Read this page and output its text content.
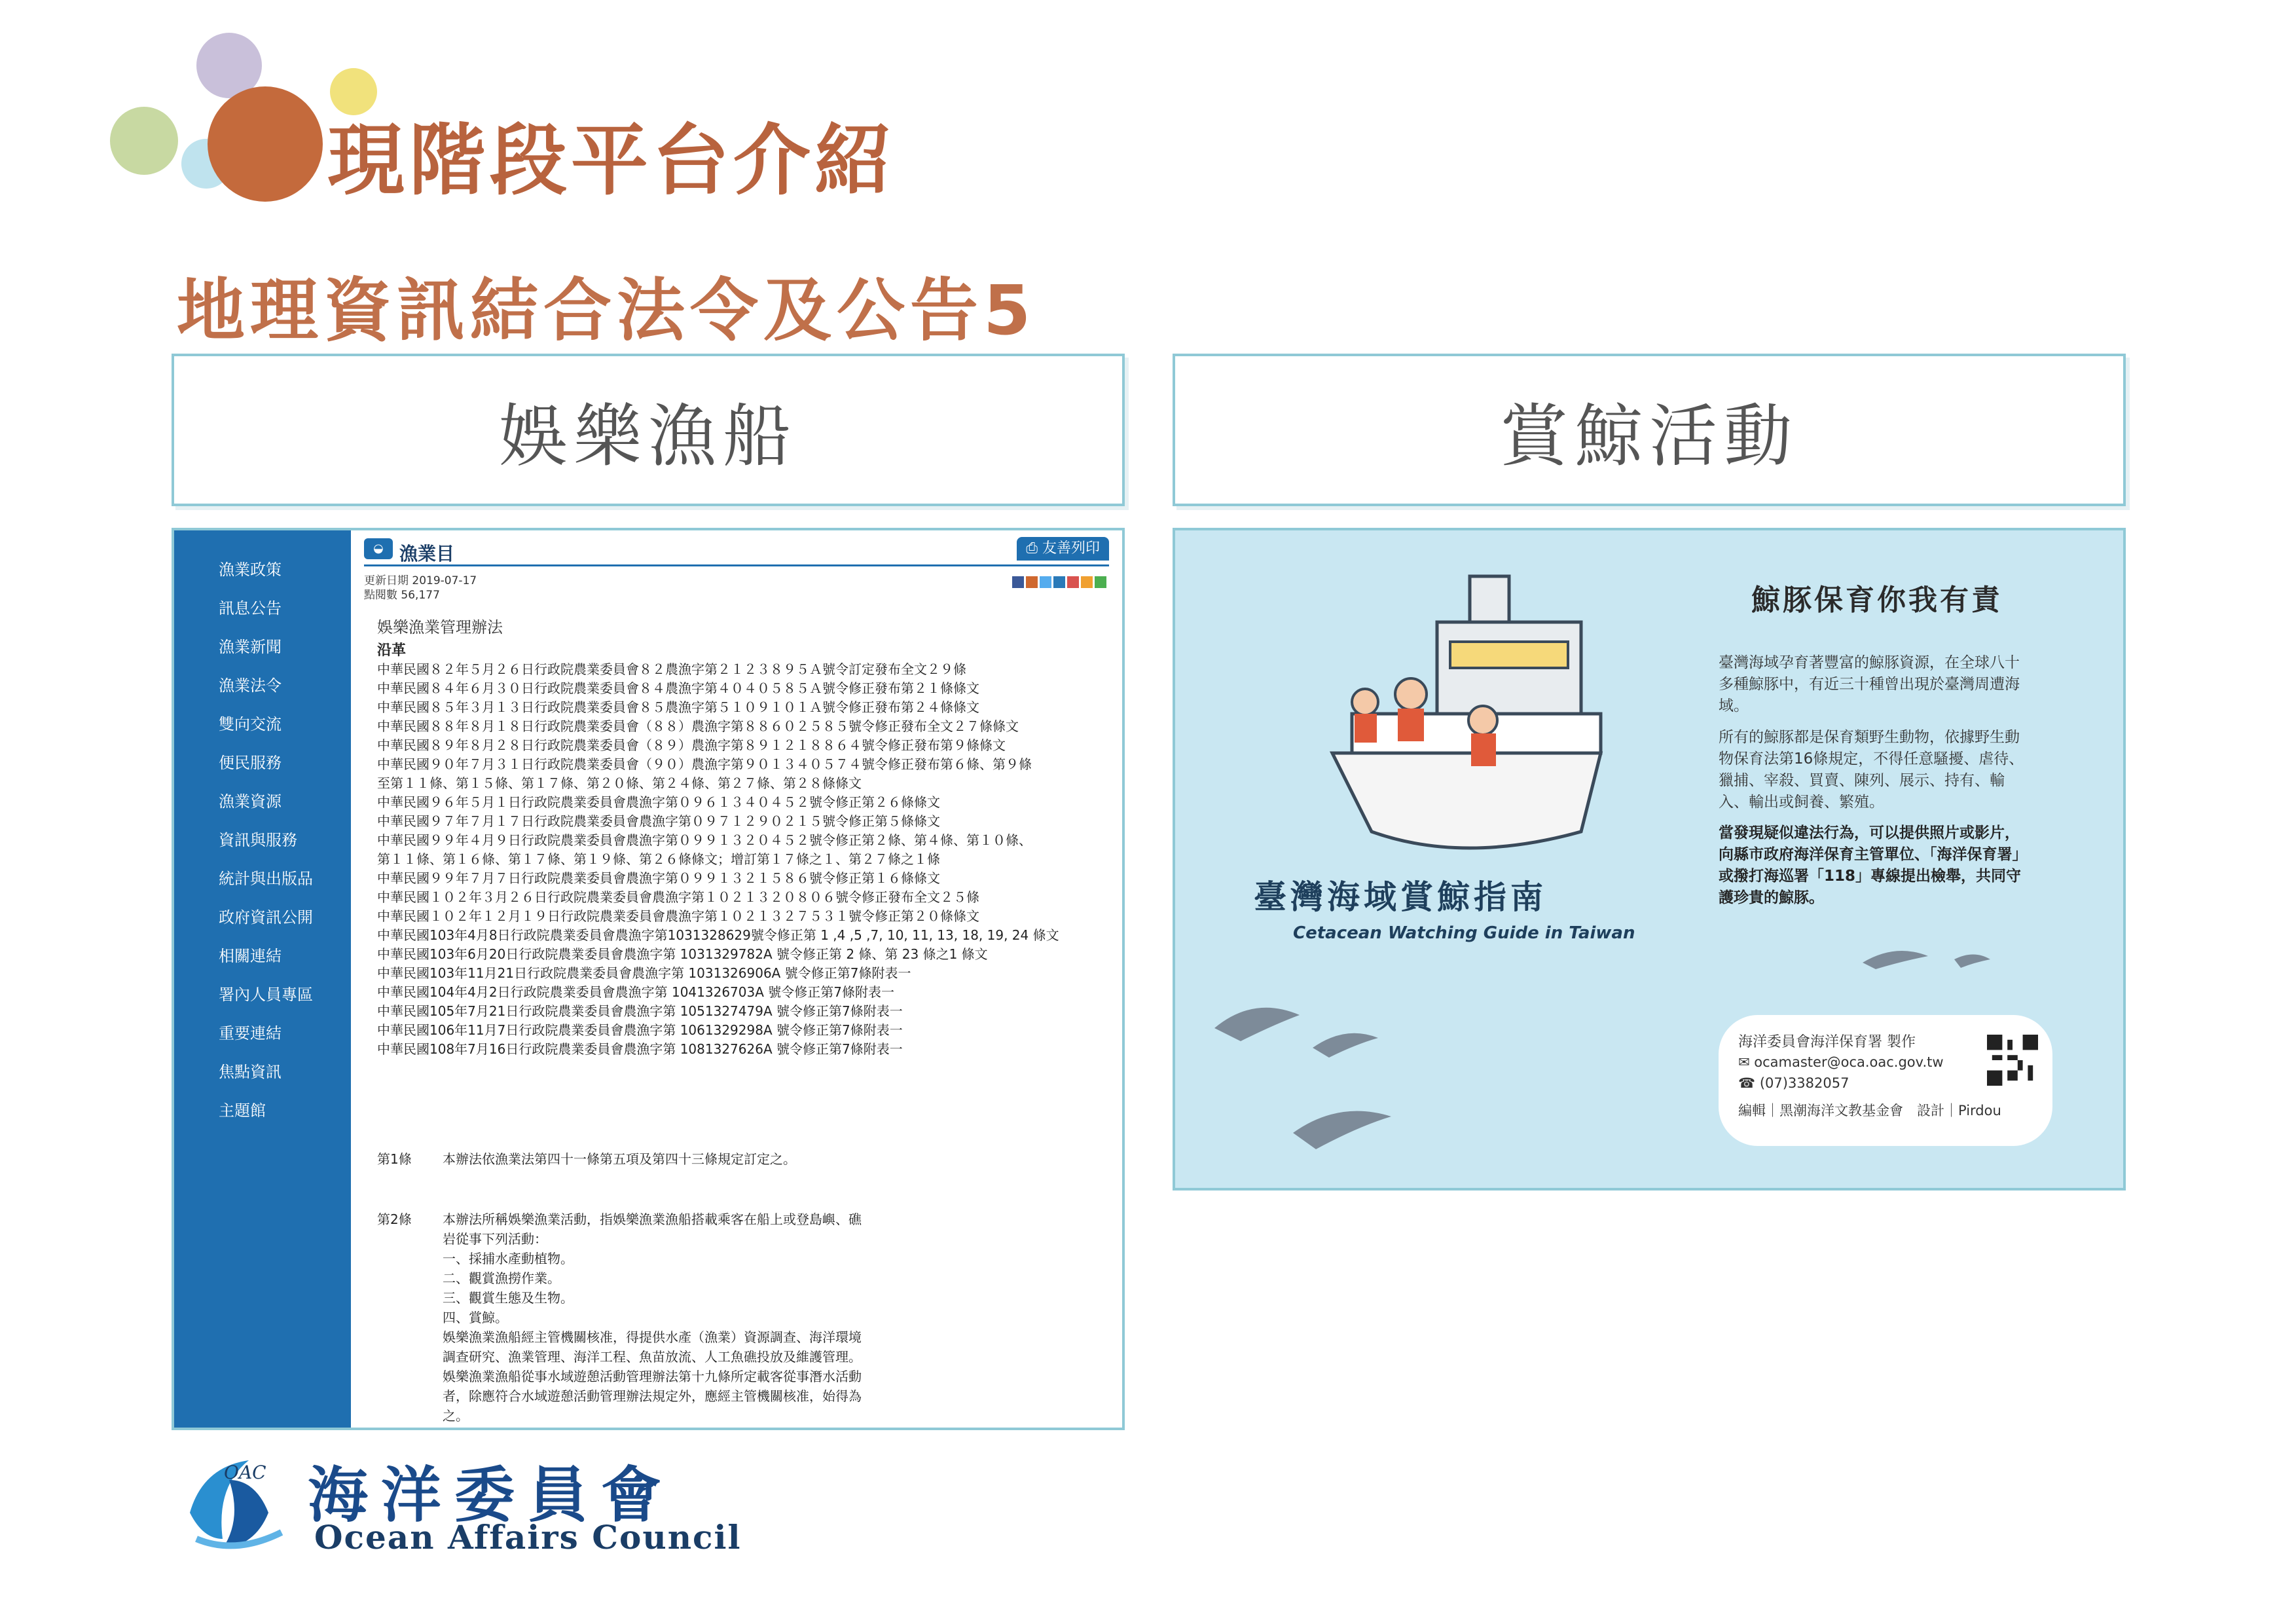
現階段平台介紹
地理資訊結合法令及公告5
娛樂漁船	賞鯨活動
漁業政策
訊息公告
漁業新聞
漁業法令
雙向交流
便民服務
漁業資源
資訊與服務
統計與出版品
政府資訊公開
相關連結
署內人員專區
重要連結
焦點資訊
主題館
◒ 漁業目	⎙ 友善列印
更新日期 2019-07-17
點閱數 56,177
娛樂漁業管理辦法
沿革
中華民國８２年５月２６日行政院農業委員會８２農漁字第２１２３８９５Ａ號令訂定發布全文２９條
中華民國８４年６月３０日行政院農業委員會８４農漁字第４０４０５８５Ａ號令修正發布第２１條條文
中華民國８５年３月１３日行政院農業委員會８５農漁字第５１０９１０１Ａ號令修正發布第２４條條文
中華民國８８年８月１８日行政院農業委員會（８８）農漁字第８８６０２５８５號令修正發布全文２７條條文
中華民國８９年８月２８日行政院農業委員會（８９）農漁字第８９１２１８８６４號令修正發布第９條條文
中華民國９０年７月３１日行政院農業委員會（９０）農漁字第９０１３４０５７４號令修正發布第６條、第９條
至第１１條、第１５條、第１７條、第２０條、第２４條、第２７條、第２８條條文
中華民國９６年５月１日行政院農業委員會農漁字第０９６１３４０４５２號令修正第２６條條文
中華民國９７年７月１７日行政院農業委員會農漁字第０９７１２９０２１５號令修正第５條條文
中華民國９９年４月９日行政院農業委員會農漁字第０９９１３２０４５２號令修正第２條、第４條、第１０條、
第１１條、第１６條、第１７條、第１９條、第２６條條文；增訂第１７條之１、第２７條之１條
中華民國９９年７月７日行政院農業委員會農漁字第０９９１３２１５８６號令修正第１６條條文
中華民國１０２年３月２６日行政院農業委員會農漁字第１０２１３２０８０６號令修正發布全文２５條
中華民國１０２年１２月１９日行政院農業委員會農漁字第１０２１３２７５３１號令修正第２０條條文
中華民國103年4月8日行政院農業委員會農漁字第1031328629號令修正第 1 ,4 ,5 ,7, 10, 11, 13, 18, 19, 24 條文
中華民國103年6月20日行政院農業委員會農漁字第 1031329782A 號令修正第 2 條、第 23 條之1 條文
中華民國103年11月21日行政院農業委員會農漁字第 1031326906A 號令修正第7條附表一
中華民國104年4月2日行政院農業委員會農漁字第 1041326703A 號令修正第7條附表一
中華民國105年7月21日行政院農業委員會農漁字第 1051327479A 號令修正第7條附表一
中華民國106年11月7日行政院農業委員會農漁字第 1061329298A 號令修正第7條附表一
中華民國108年7月16日行政院農業委員會農漁字第 1081327626A 號令修正第7條附表一
第1條 本辦法依漁業法第四十一條第五項及第四十三條規定訂定之。
第2條 本辦法所稱娛樂漁業活動，指娛樂漁業漁船搭載乘客在船上或登島嶼、礁
岩從事下列活動：
一、採捕水產動植物。
二、觀賞漁撈作業。
三、觀賞生態及生物。
四、賞鯨。
娛樂漁業漁船經主管機關核准，得提供水產（漁業）資源調查、海洋環境
調查研究、漁業管理、海洋工程、魚苗放流、人工魚礁投放及維護管理。
娛樂漁業漁船從事水域遊憩活動管理辦法第十九條所定載客從事潛水活動
者，除應符合水域遊憩活動管理辦法規定外，應經主管機關核准，始得為
之。
臺灣海域賞鯨指南
Cetacean Watching Guide in Taiwan
鯨豚保育你我有責
臺灣海域孕育著豐富的鯨豚資源，在全球八十多種鯨豚中，有近三十種曾出現於臺灣周遭海域。
所有的鯨豚都是保育類野生動物，依據野生動物保育法第16條規定，不得任意騷擾、虐待、獵捕、宰殺、買賣、陳列、展示、持有、輸入、輸出或飼養、繁殖。
當發現疑似違法行為，可以提供照片或影片，向縣市政府海洋保育主管單位、「海洋保育署」或撥打海巡署「118」專線提出檢舉，共同守護珍貴的鯨豚。
海洋委員會海洋保育署 製作
✉ ocamaster@oca.oac.gov.tw
☎ (07)3382057
編輯｜黑潮海洋文教基金會　設計｜Pirdou
OAC 海洋委員會
Ocean Affairs Council
